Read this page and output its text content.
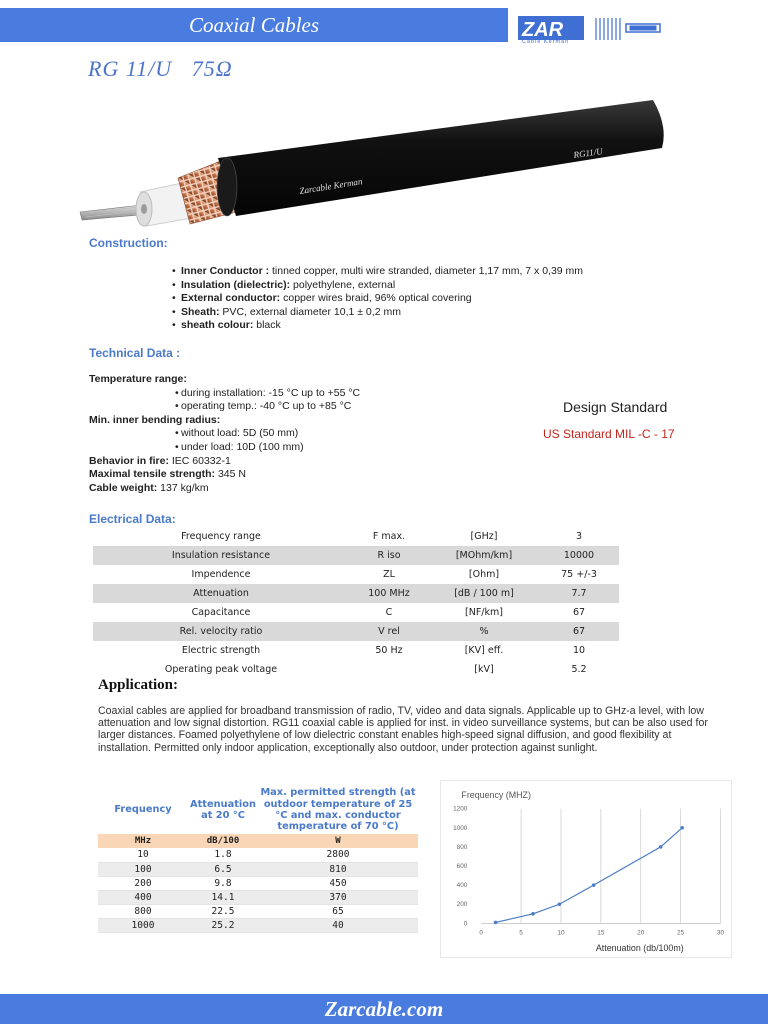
Coaxial Cables	ZAR
Cable Kerman
RG 11/U   75Ω
Zarcable Kerman
RG11/U
Construction:
• Inner Conductor : tinned copper, multi wire stranded, diameter 1,17 mm, 7 x 0,39 mm
• Insulation (dielectric): polyethylene, external
• External conductor: copper wires braid, 96% optical covering
• Sheath: PVC, external diameter 10,1 ± 0,2 mm
• sheath colour: black
Technical Data :
Temperature range:
• during installation: -15 °C up to +55 °C
• operating temp.: -40 °C up to +85 °C
Min. inner bending radius:
• without load: 5D (50 mm)
• under load: 10D (100 mm)
Behavior in fire: IEC 60332-1
Maximal tensile strength: 345 N
Cable weight: 137 kg/km
Design Standard
US Standard MIL -C - 17
Electrical Data:
Frequency range	F max.	[GHz]	3
Insulation resistance	R iso	[MOhm/km]	10000
Impendence	ZL	[Ohm]	75 +/-3
Attenuation	100 MHz	[dB / 100 m]	7.7
Capacitance	C	[NF/km]	67
Rel. velocity ratio	V rel	%	67
Electric strength	50 Hz	[KV] eff.	10
Operating peak voltage		[kV]	5.2
Application:
Coaxial cables are applied for broadband transmission of radio, TV, video and data signals. Applicable up to GHz-a level, with low attenuation and low signal distortion. RG11 coaxial cable is applied for inst. in video surveillance systems, but can be also used for larger distances. Foamed polyethylene of low dielectric constant enables high-speed signal diffusion, and good flexibility at installation. Permitted only indoor application, exceptionally also outdoor, under protection against sunlight.
Frequency	Attenuation at 20 °C	Max. permitted strength (at outdoor temperature of 25 °C and max. conductor temperature of 70 °C)
MHz	dB/100	W
10	1.8	2800
100	6.5	810
200	9.8	450
400	14.1	370
800	22.5	65
1000	25.2	40
Frequency (MHZ)
Attenuation (db/100m)
0	5	10	15	20	25	30
0
200
400
600
800
1000
1200
Zarcable.com
